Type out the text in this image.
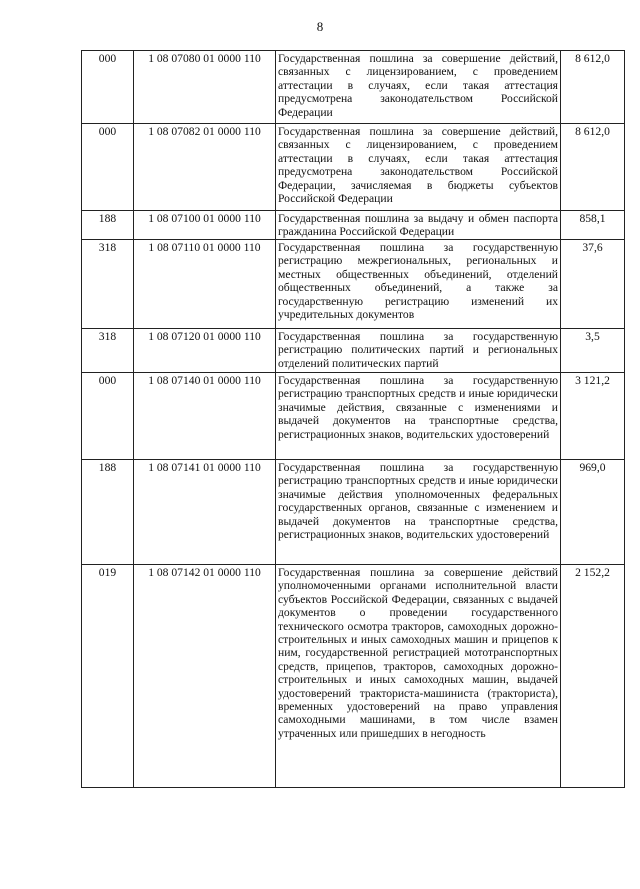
8
000	1 08 07080 01 0000 110	Государственная пошлина за совершение действий, связанных с лицензированием, с проведением аттестации в случаях, если такая аттестация предусмотрена законодательством Российской Федерации	8 612,0
000	1 08 07082 01 0000 110	Государственная пошлина за совершение действий, связанных с лицензированием, с проведением аттестации в случаях, если такая аттестация предусмотрена законодательством Российской Федерации, зачисляемая в бюджеты субъектов Российской Федерации	8 612,0
188	1 08 07100 01 0000 110	Государственная пошлина за выдачу и обмен паспорта гражданина Российской Федерации	858,1
318	1 08 07110 01 0000 110	Государственная пошлина за государственную регистрацию межрегиональных, региональных и местных общественных объединений, отделений общественных объединений, а также за государственную регистрацию изменений их учредительных документов	37,6
318	1 08 07120 01 0000 110	Государственная пошлина за государственную регистрацию политических партий и региональных отделений политических партий	3,5
000	1 08 07140 01 0000 110	Государственная пошлина за государственную регистрацию транспортных средств и иные юридически значимые действия, связанные с изменениями и выдачей документов на транспортные средства, регистрационных знаков, водительских удостоверений	3 121,2
188	1 08 07141 01 0000 110	Государственная пошлина за государственную регистрацию транспортных средств и иные юридически значимые действия уполномоченных федеральных государственных органов, связанные с изменением и выдачей документов на транспортные средства, регистрационных знаков, водительских удостоверений	969,0
019	1 08 07142 01 0000 110	Государственная пошлина за совершение действий уполномоченными органами исполнительной власти субъектов Российской Федерации, связанных с выдачей документов о проведении государственного технического осмотра тракторов, самоходных дорожно-строительных и иных самоходных машин и прицепов к ним, государственной регистрацией мототранспортных средств, прицепов, тракторов, самоходных дорожно-строительных и иных самоходных машин, выдачей удостоверений тракториста-машиниста (тракториста), временных удостоверений на право управления самоходными машинами, в том числе взамен утраченных или пришедших в негодность	2 152,2
